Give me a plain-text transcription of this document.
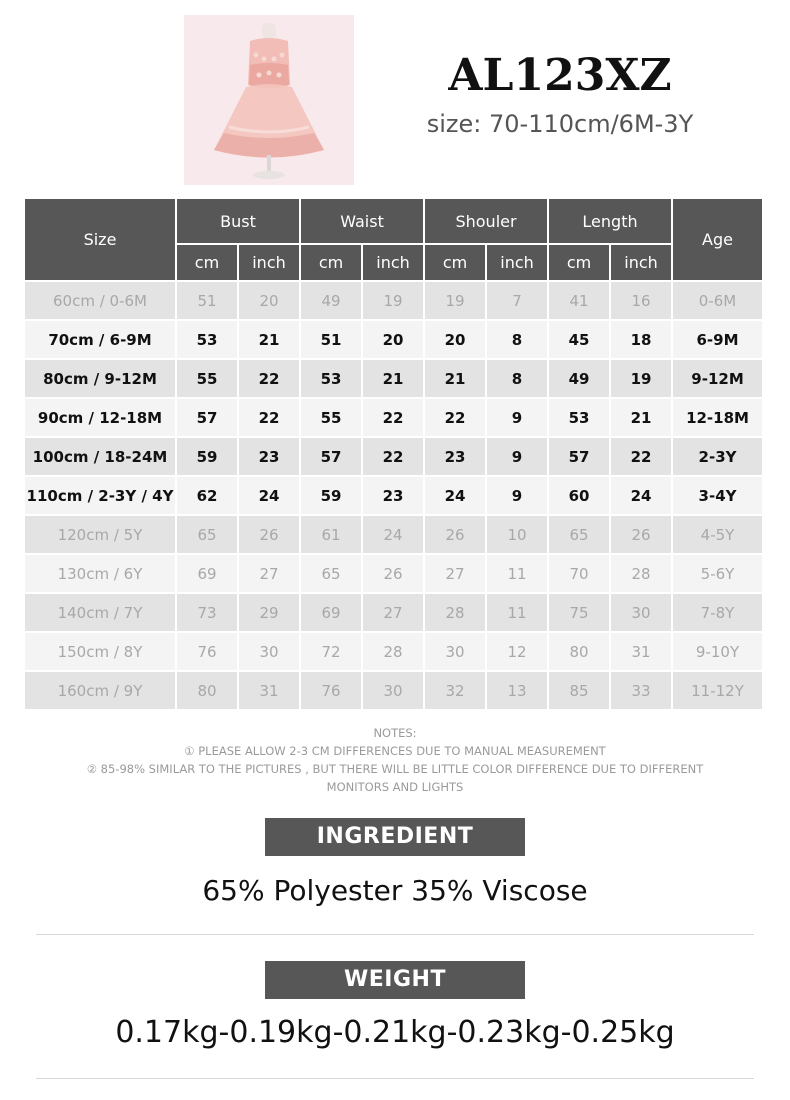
AL123XZ
size: 70-110cm/6M-3Y
Size	Bust		Waist		Shouler		Length		Age
	cm	inch	cm	inch	cm	inch	cm	inch	
60cm / 0-6M	51	20	49	19	19	7	41	16	0-6M
70cm / 6-9M	53	21	51	20	20	8	45	18	6-9M
80cm / 9-12M	55	22	53	21	21	8	49	19	9-12M
90cm / 12-18M	57	22	55	22	22	9	53	21	12-18M
100cm / 18-24M	59	23	57	22	23	9	57	22	2-3Y
110cm / 2-3Y / 4Y	62	24	59	23	24	9	60	24	3-4Y
120cm / 5Y	65	26	61	24	26	10	65	26	4-5Y
130cm / 6Y	69	27	65	26	27	11	70	28	5-6Y
140cm / 7Y	73	29	69	27	28	11	75	30	7-8Y
150cm / 8Y	76	30	72	28	30	12	80	31	9-10Y
160cm / 9Y	80	31	76	30	32	13	85	33	11-12Y
NOTES:
① PLEASE ALLOW 2-3 CM DIFFERENCES DUE TO MANUAL MEASUREMENT
② 85-98% SIMILAR TO THE PICTURES , BUT THERE WILL BE LITTLE COLOR DIFFERENCE DUE TO DIFFERENT
MONITORS AND LIGHTS
INGREDIENT
65% Polyester 35% Viscose
WEIGHT
0.17kg-0.19kg-0.21kg-0.23kg-0.25kg
